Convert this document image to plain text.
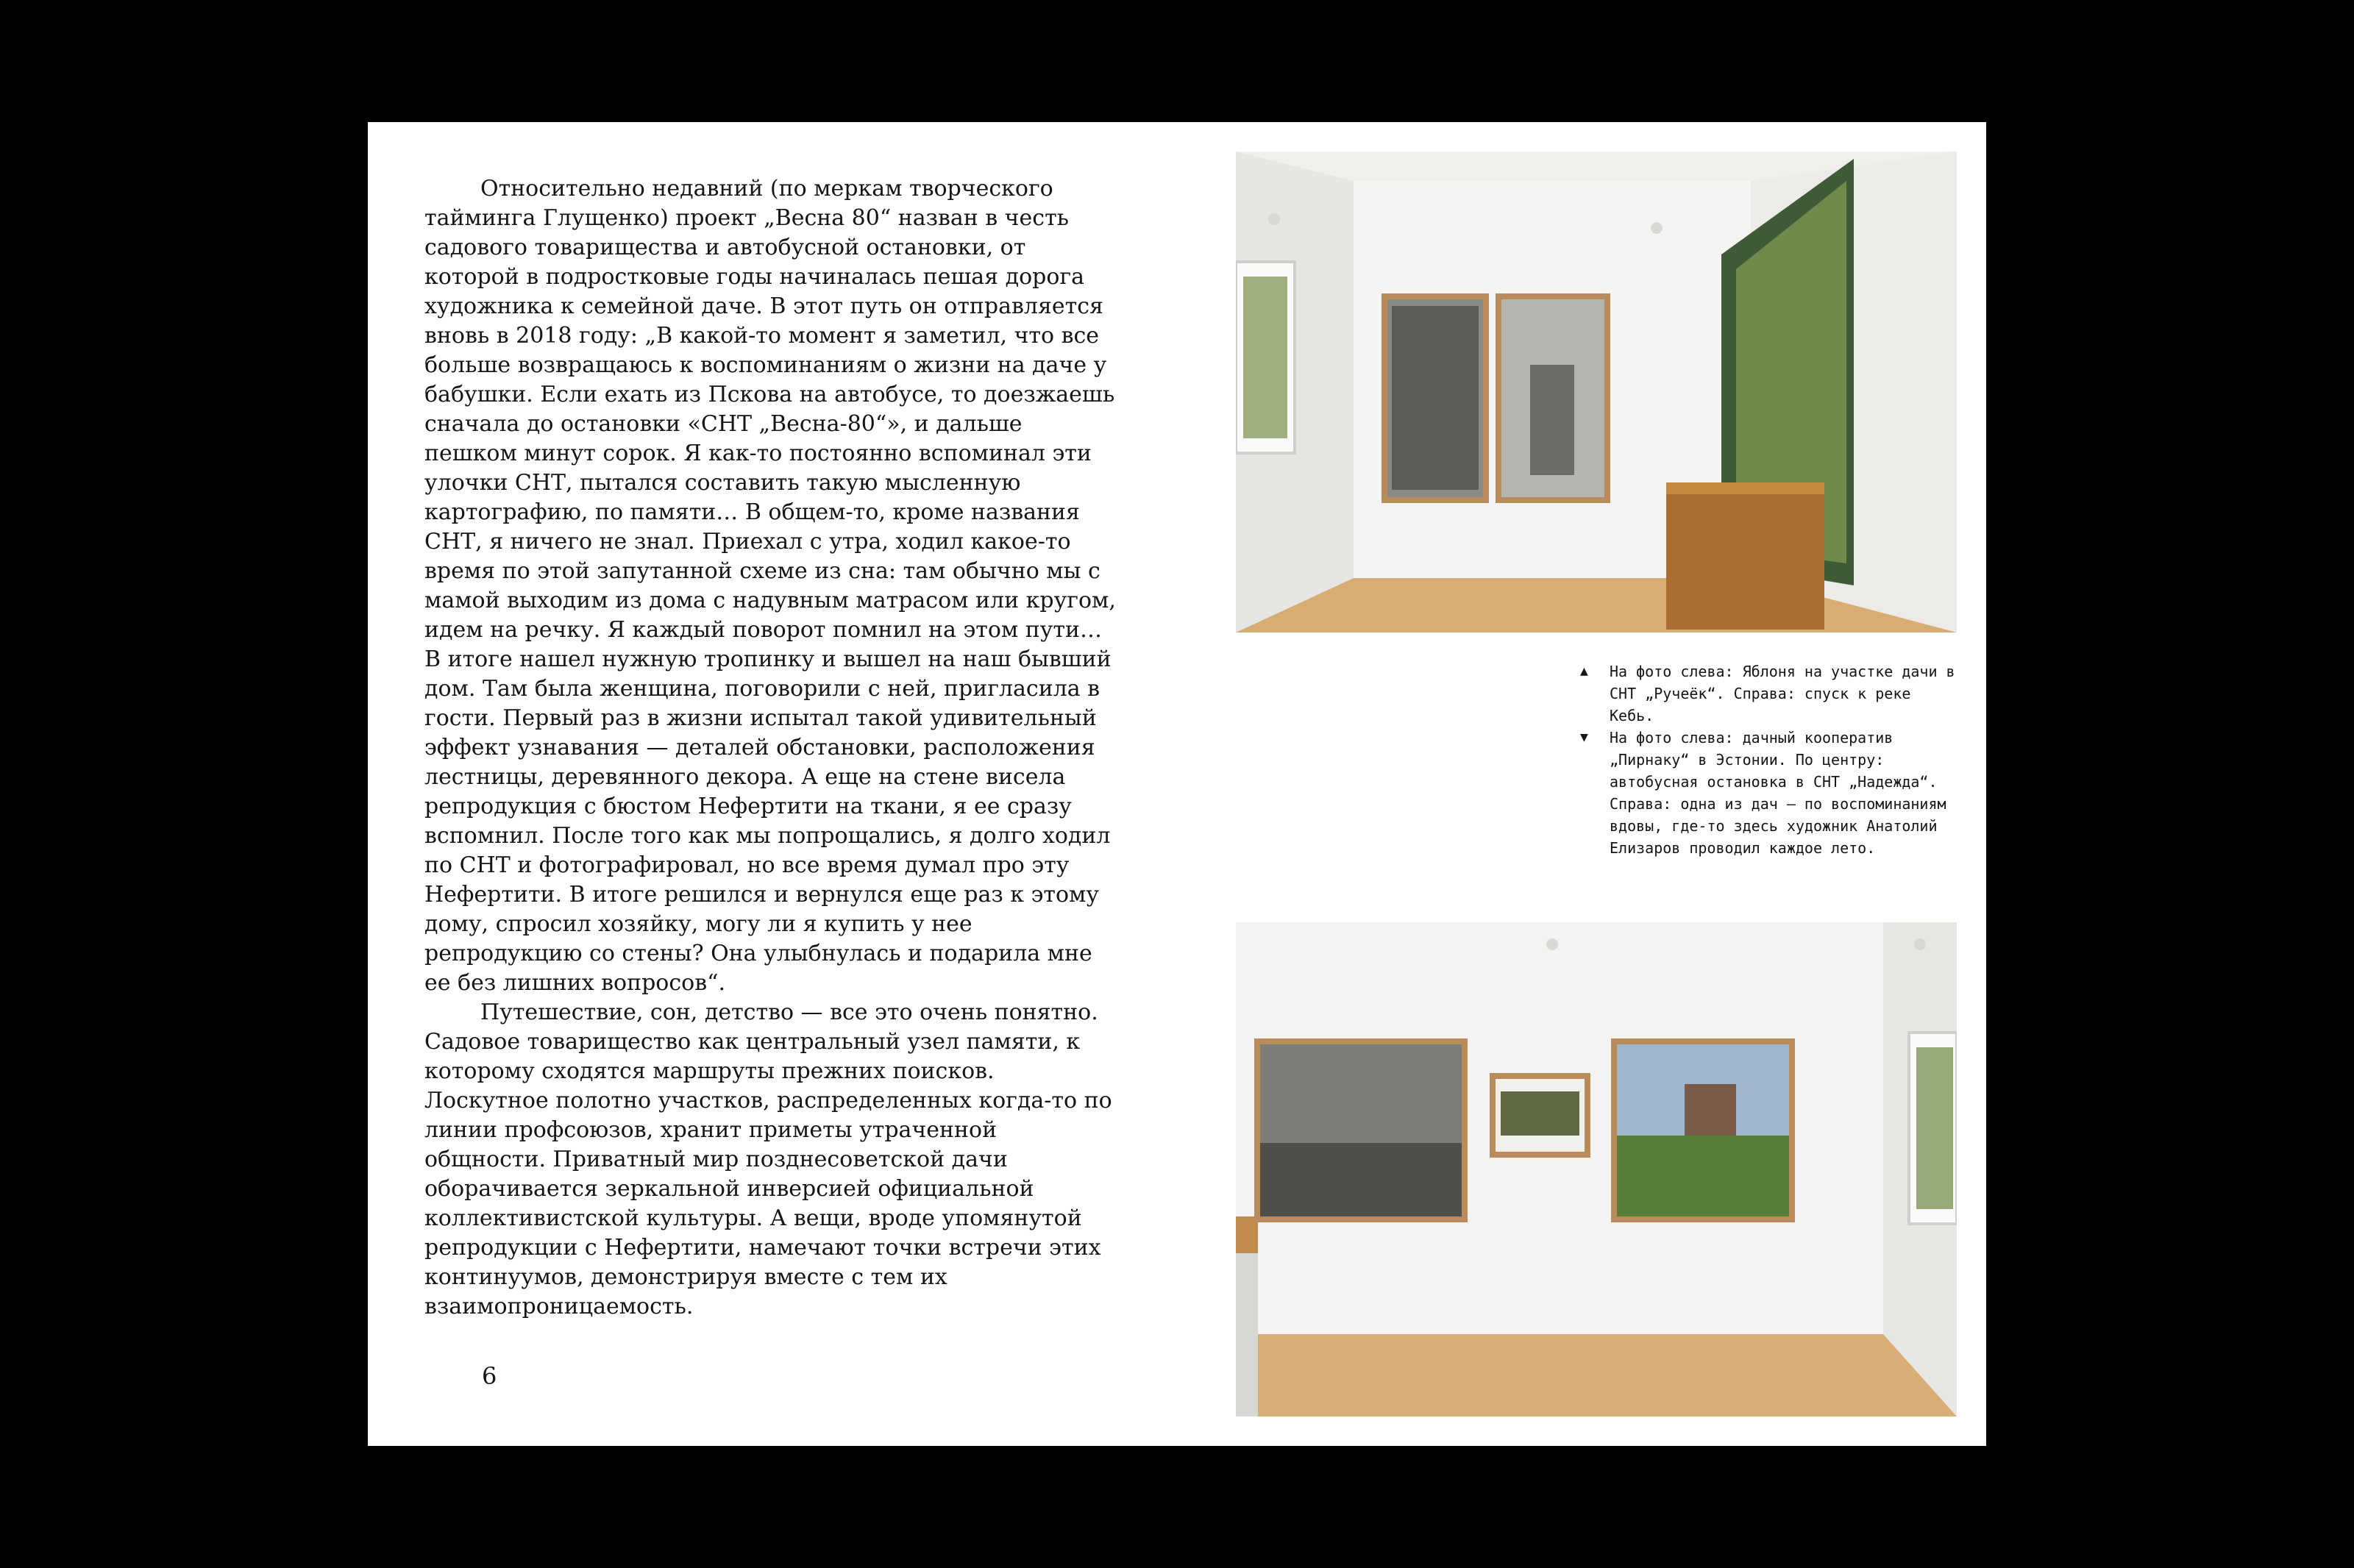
Относительно недавний (по меркам творческого тайминга Глущенко) проект „Весна 80“ назван в честь садового товарищества и автобусной остановки, от которой в подростковые годы начиналась пешая дорога художника к семейной даче. В этот путь он отправляется вновь в 2018 году: „В какой-то момент я заметил, что все больше возвращаюсь к воспоминаниям о жизни на даче у бабушки. Если ехать из Пскова на автобусе, то доезжаешь сначала до остановки «СНТ „Весна-80“», и дальше пешком минут сорок. Я как-то постоянно вспоминал эти улочки СНТ, пытался составить такую мысленную картографию, по памяти… В общем-то, кроме названия СНТ, я ничего не знал. Приехал с утра, ходил какое-то время по этой запутанной схеме из сна: там обычно мы с мамой выходим из дома с надувным матрасом или кругом, идем на речку. Я каждый поворот помнил на этом пути… В итоге нашел нужную тропинку и вышел на наш бывший дом. Там была женщина, поговорили с ней, пригласила в гости. Первый раз в жизни испытал такой удивительный эффект узнавания — деталей обстановки, расположения лестницы, деревянного декора. А еще на стене висела репродукция с бюстом Нефертити на ткани, я ее сразу вспомнил. После того как мы попрощались, я долго ходил по СНТ и фотографировал, но все время думал про эту Нефертити. В итоге решился и вернулся еще раз к этому дому, спросил хозяйку, могу ли я купить у нее репродукцию со стены? Она улыбнулась и подарила мне ее без лишних вопросов“.

Путешествие, сон, детство — все это очень понятно. Садовое товарищество как центральный узел памяти, к которому сходятся маршруты прежних поисков. Лоскутное полотно участков, распределенных когда-то по линии профсоюзов, хранит приметы утраченной общности. Приватный мир позднесоветской дачи оборачивается зеркальной инверсией официальной коллективистской культуры. А вещи, вроде упомянутой репродукции с Нефертити, намечают точки встречи этих континуумов, демонстрируя вместе с тем их взаимопроницаемость.

6
▲ На фото слева: Яблоня на участке дачи в СНТ „Ручеёк“. Справа: спуск к реке Кебь.
▼ На фото слева: дачный кооператив „Пирнаку“ в Эстонии. По центру: автобусная остановка в СНТ „Надежда“. Справа: одна из дач — по воспоминаниям вдовы, где-то здесь художник Анатолий Елизаров проводил каждое лето.
